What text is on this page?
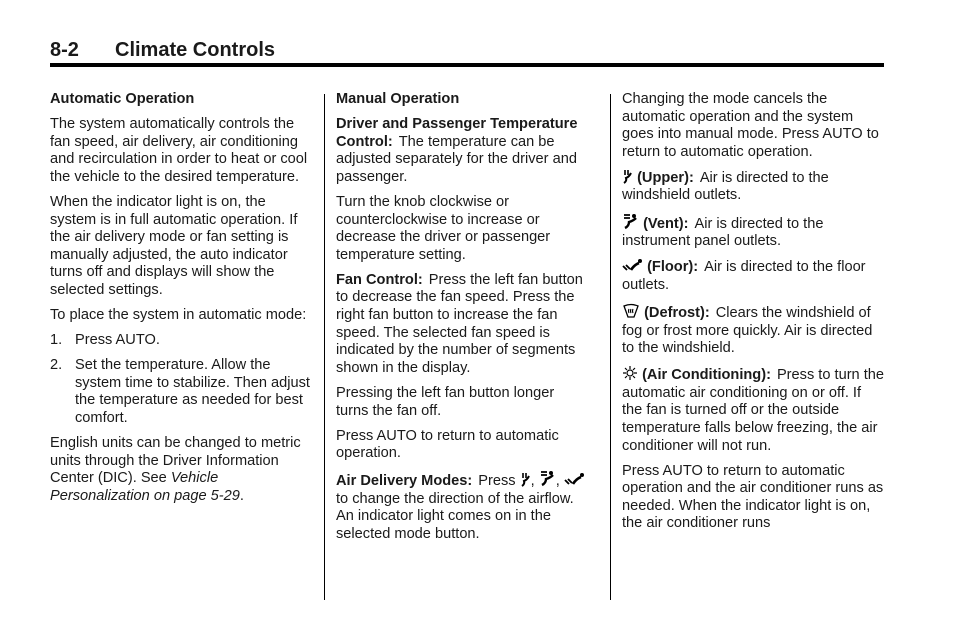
8-2 Climate Controls
Automatic Operation

The system automatically controls the fan speed, air delivery, air conditioning and recirculation in order to heat or cool the vehicle to the desired temperature.

When the indicator light is on, the system is in full automatic operation. If the air delivery mode or fan setting is manually adjusted, the auto indicator turns off and displays will show the selected settings.

To place the system in automatic mode:

1. Press AUTO.
2. Set the temperature. Allow the system time to stabilize. Then adjust the temperature as needed for best comfort.

English units can be changed to metric units through the Driver Information Center (DIC). See Vehicle Personalization on page 5-29.

Manual Operation

Driver and Passenger Temperature Control: The temperature can be adjusted separately for the driver and passenger.

Turn the knob clockwise or counterclockwise to increase or decrease the driver or passenger temperature setting.

Fan Control: Press the left fan button to decrease the fan speed. Press the right fan button to increase the fan speed. The selected fan speed is indicated by the number of segments shown in the display.

Pressing the left fan button longer turns the fan off.

Press AUTO to return to automatic operation.

Air Delivery Modes: Press , ,  to change the direction of the airflow. An indicator light comes on in the selected mode button.

Changing the mode cancels the automatic operation and the system goes into manual mode. Press AUTO to return to automatic operation.

(Upper): Air is directed to the windshield outlets.

(Vent): Air is directed to the instrument panel outlets.

(Floor): Air is directed to the floor outlets.

(Defrost): Clears the windshield of fog or frost more quickly. Air is directed to the windshield.

(Air Conditioning): Press to turn the automatic air conditioning on or off. If the fan is turned off or the outside temperature falls below freezing, the air conditioner will not run.

Press AUTO to return to automatic operation and the air conditioner runs as needed. When the indicator light is on, the air conditioner runs
